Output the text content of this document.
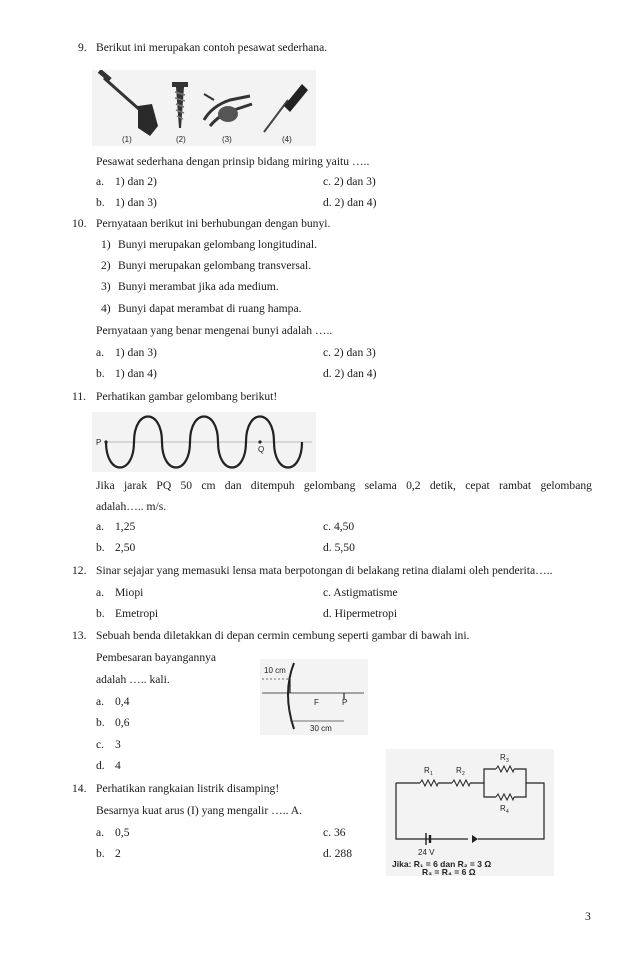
9. Berikut ini merupakan contoh pesawat sederhana.
(1)	(2)	(3)	(4)
Pesawat sederhana dengan prinsip bidang miring yaitu …..
a. 1) dan 2)	c. 2) dan 3)
b. 1) dan 3)	d. 2) dan 4)
10. Pernyataan berikut ini berhubungan dengan bunyi.
1) Bunyi merupakan gelombang longitudinal.
2) Bunyi merupakan gelombang transversal.
3) Bunyi merambat jika ada medium.
4) Bunyi dapat merambat di ruang hampa.
Pernyataan yang benar mengenai bunyi adalah …..
a. 1) dan 3)	c. 2) dan 3)
b. 1) dan 4)	d. 2) dan 4)
11. Perhatikan gambar gelombang berikut!
P
Q
Jika jarak PQ 50 cm dan ditempuh gelombang selama 0,2 detik, cepat rambat gelombang
adalah….. m/s.
a. 1,25	c. 4,50
b. 2,50	d. 5,50
12. Sinar sejajar yang memasuki lensa mata berpotongan di belakang retina dialami oleh penderita…..
a. Miopi	c. Astigmatisme
b. Emetropi	d. Hipermetropi
13. Sebuah benda diletakkan di depan cermin cembung seperti gambar di bawah ini.
Pembesaran bayangannya
adalah ….. kali.
10 cm
F	P
30 cm
a. 0,4
b. 0,6
c. 3
d. 4
14. Perhatikan rangkaian listrik disamping!
Besarnya kuat arus (I) yang mengalir ….. A.
R 1	R 2
R 3
R 4
24 V
Jika: R₁ = 6 dan R₂ = 3 Ω
R₃ = R₄ = 6 Ω
a. 0,5	c. 36
b. 2	d. 288
3
